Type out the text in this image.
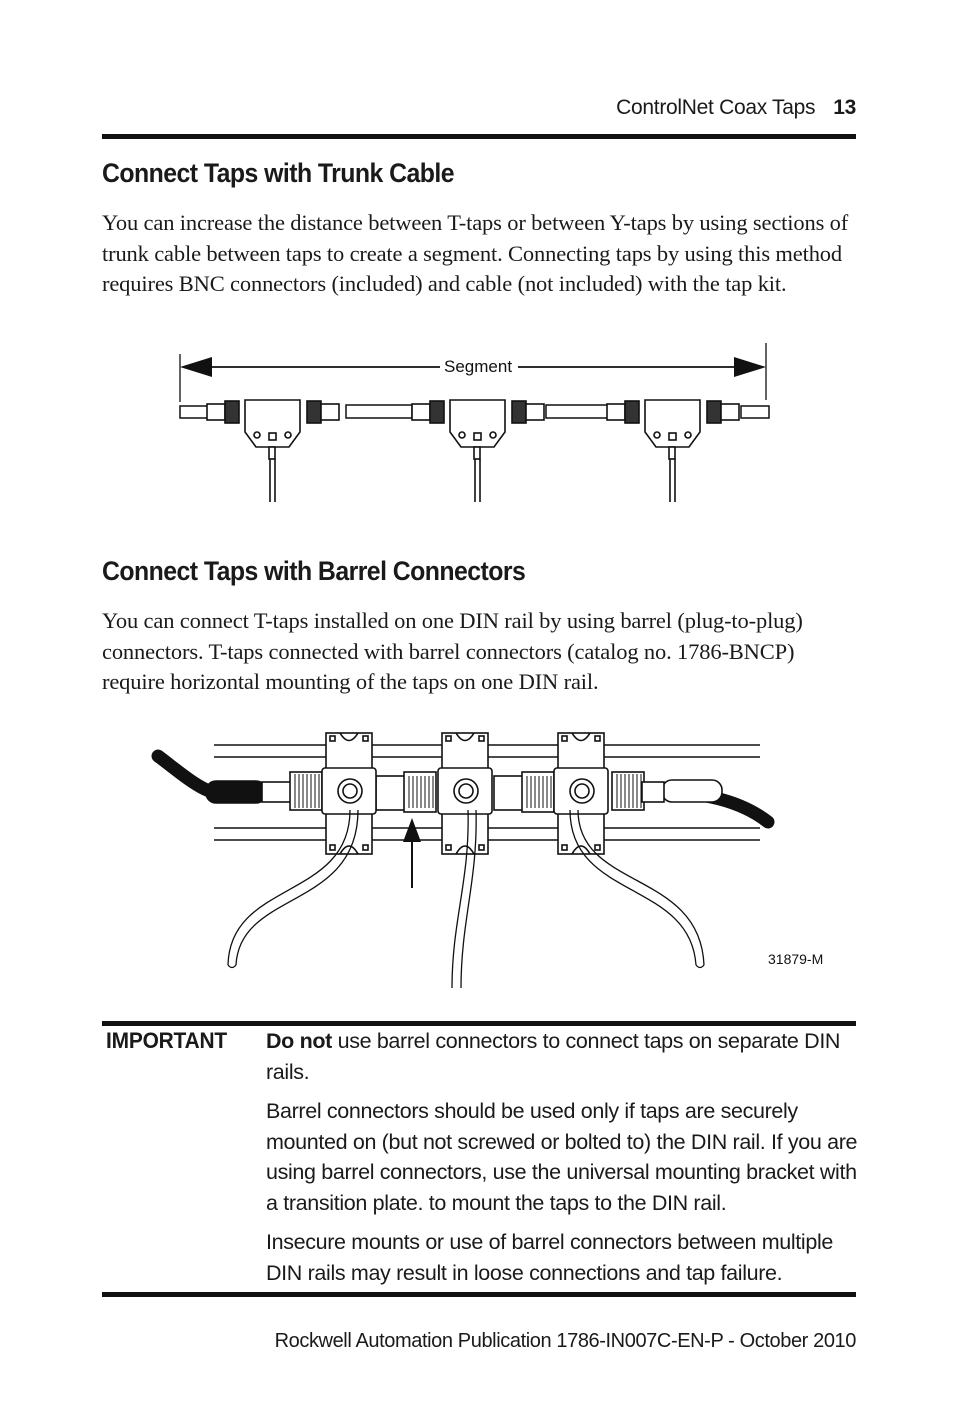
ControlNet Coax Taps 13
Connect Taps with Trunk Cable

You can increase the distance between T-taps or between Y-taps by using sections of trunk cable between taps to create a segment. Connecting taps by using this method requires BNC connectors (included) and cable (not included) with the tap kit.

Segment
Connect Taps with Barrel Connectors

You can connect T-taps installed on one DIN rail by using barrel (plug-to-plug) connectors. T-taps connected with barrel connectors (catalog no. 1786-BNCP) require horizontal mounting of the taps on one DIN rail.

31879-M
IMPORTANT Do not use barrel connectors to connect taps on separate DIN rails.

Barrel connectors should be used only if taps are securely mounted on (but not screwed or bolted to) the DIN rail. If you are using barrel connectors, use the universal mounting bracket with a transition plate. to mount the taps to the DIN rail.

Insecure mounts or use of barrel connectors between multiple DIN rails may result in loose connections and tap failure.

Rockwell Automation Publication 1786-IN007C-EN-P - October 2010
